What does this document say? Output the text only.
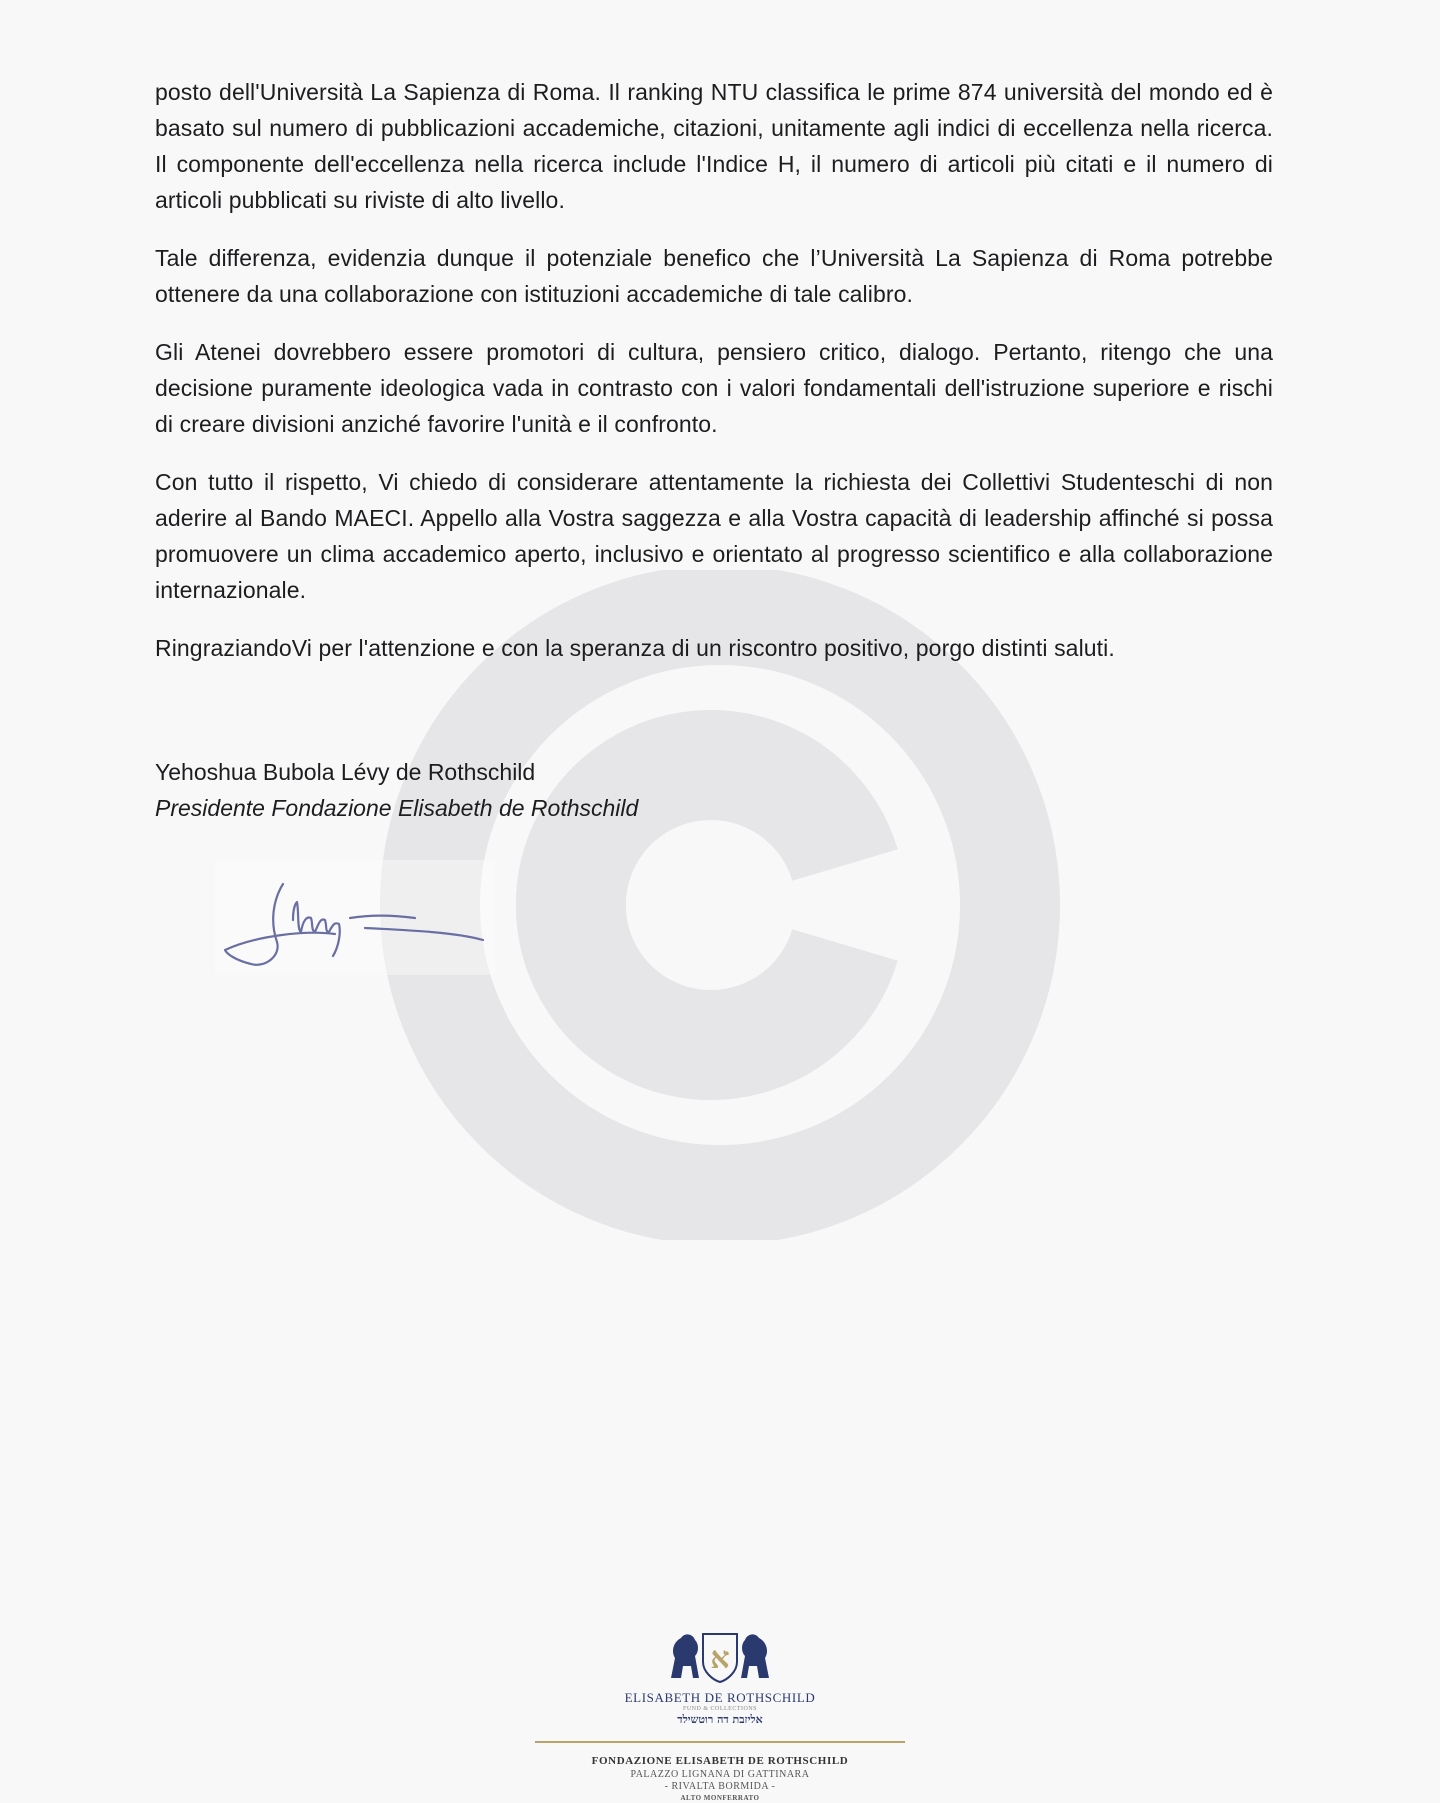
posto dell'Università La Sapienza di Roma. Il ranking NTU classifica le prime 874 università del mondo ed è basato sul numero di pubblicazioni accademiche, citazioni, unitamente agli indici di eccellenza nella ricerca. Il componente dell'eccellenza nella ricerca include l'Indice H, il numero di articoli più citati e il numero di articoli pubblicati su riviste di alto livello.

Tale differenza, evidenzia dunque il potenziale benefico che l’Università La Sapienza di Roma potrebbe ottenere da una collaborazione con istituzioni accademiche di tale calibro.

Gli Atenei dovrebbero essere promotori di cultura, pensiero critico, dialogo. Pertanto, ritengo che una decisione puramente ideologica vada in contrasto con i valori fondamentali dell'istruzione superiore e rischi di creare divisioni anziché favorire l'unità e il confronto.

Con tutto il rispetto, Vi chiedo di considerare attentamente la richiesta dei Collettivi Studenteschi di non aderire al Bando MAECI. Appello alla Vostra saggezza e alla Vostra capacità di leadership affinché si possa promuovere un clima accademico aperto, inclusivo e orientato al progresso scientifico e alla collaborazione internazionale.

RingraziandoVi per l'attenzione e con la speranza di un riscontro positivo, porgo distinti saluti.

Yehoshua Bubola Lévy de Rothschild
Presidente Fondazione Elisabeth de Rothschild
א
ELISABETH DE ROTHSCHILD
FUND & COLLECTIONS
אליזבת דה רוטשילד
FONDAZIONE ELISABETH DE ROTHSCHILD
PALAZZO LIGNANA DI GATTINARA
- RIVALTA BORMIDA -
ALTO MONFERRATO
